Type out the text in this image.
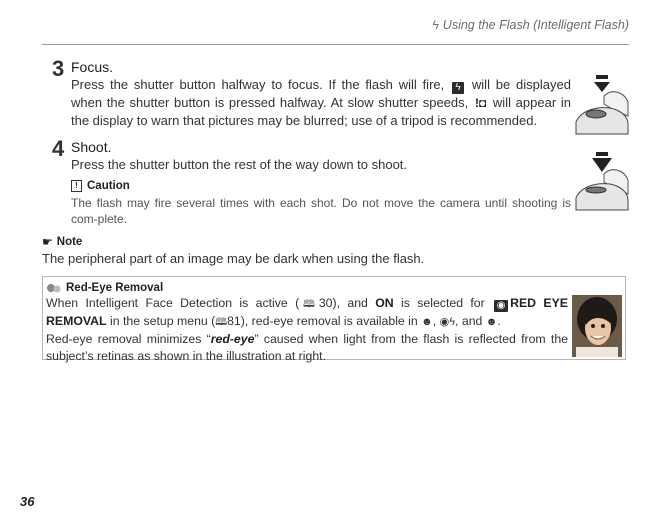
ϟ Using the Flash (Intelligent Flash)
3 Focus.
Press the shutter button halfway to focus. If the flash will fire, ϟ will be displayed when the shutter button is pressed halfway. At slow shutter speeds, !◘ will appear in the display to warn that pictures may be blurred; use of a tripod is recommended.
4 Shoot.
Press the shutter button the rest of the way down to shoot.
! Caution
The flash may fire several times with each shot. Do not move the camera until shooting is com-plete.
☛ Note
The peripheral part of an image may be dark when using the flash.
Red-Eye Removal
When Intelligent Face Detection is active (🕮30), and ON is selected for ◉ RED EYE REMOVAL in the setup menu (🕮81), red-eye removal is available in ☻, ◉ϟ, and ☻.
Red-eye removal minimizes “red-eye” caused when light from the flash is reflected from the subject’s retinas as shown in the illustration at right.
36
